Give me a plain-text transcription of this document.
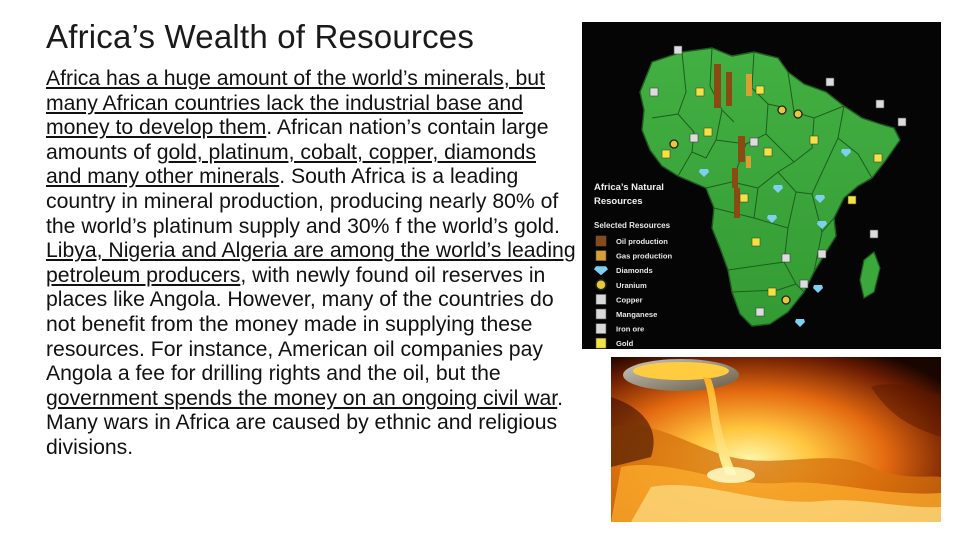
Africa’s Wealth of Resources
Africa has a huge amount of the world’s minerals, but many African countries lack the industrial base and money to develop them. African nation’s contain large amounts of gold, platinum, cobalt, copper, diamonds and many other minerals. South Africa is a leading country in mineral production, producing nearly 80% of the world’s platinum supply and 30% f the world’s gold. Libya, Nigeria and Algeria are among the world’s leading petroleum producers, with newly found oil reserves in places like Angola. However, many of the countries do not benefit from the money made in supplying these resources. For instance, American oil companies pay Angola a fee for drilling rights and the oil, but the government spends the money on an ongoing civil war. Many wars in Africa are caused by ethnic and religious divisions.
Africa’s Natural
Resources
Selected Resources
Oil production
Gas production
Diamonds
Uranium
Copper
Manganese
Iron ore
Gold
